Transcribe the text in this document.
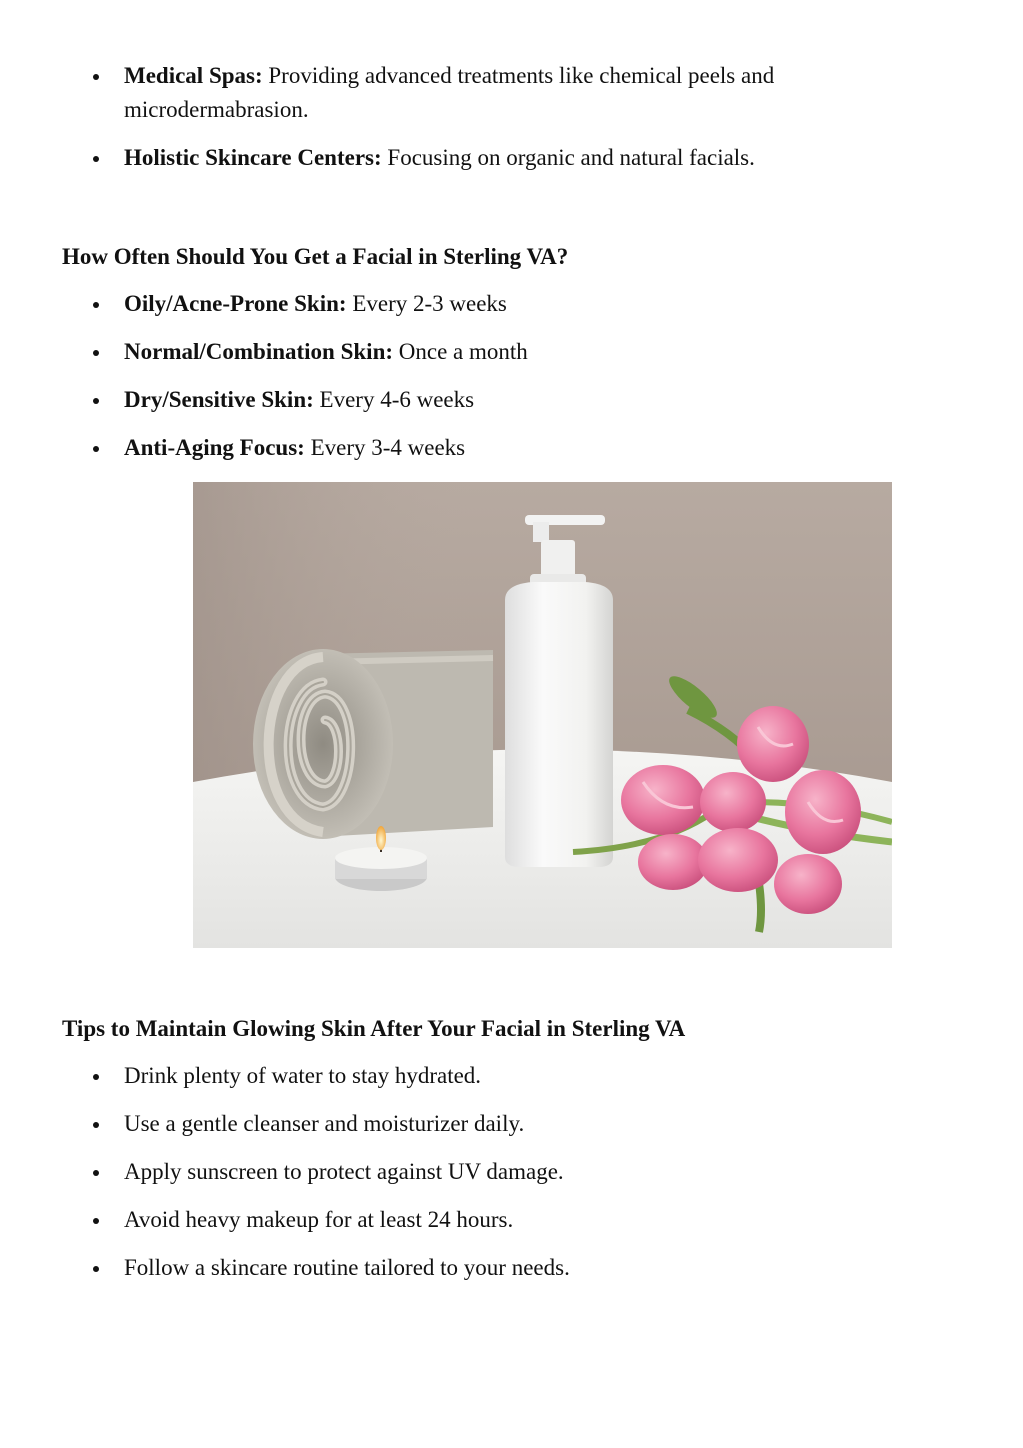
Medical Spas: Providing advanced treatments like chemical peels and microdermabrasion.
Holistic Skincare Centers: Focusing on organic and natural facials.
How Often Should You Get a Facial in Sterling VA?
Oily/Acne-Prone Skin: Every 2-3 weeks
Normal/Combination Skin: Once a month
Dry/Sensitive Skin: Every 4-6 weeks
Anti-Aging Focus: Every 3-4 weeks
Tips to Maintain Glowing Skin After Your Facial in Sterling VA
Drink plenty of water to stay hydrated.
Use a gentle cleanser and moisturizer daily.
Apply sunscreen to protect against UV damage.
Avoid heavy makeup for at least 24 hours.
Follow a skincare routine tailored to your needs.
